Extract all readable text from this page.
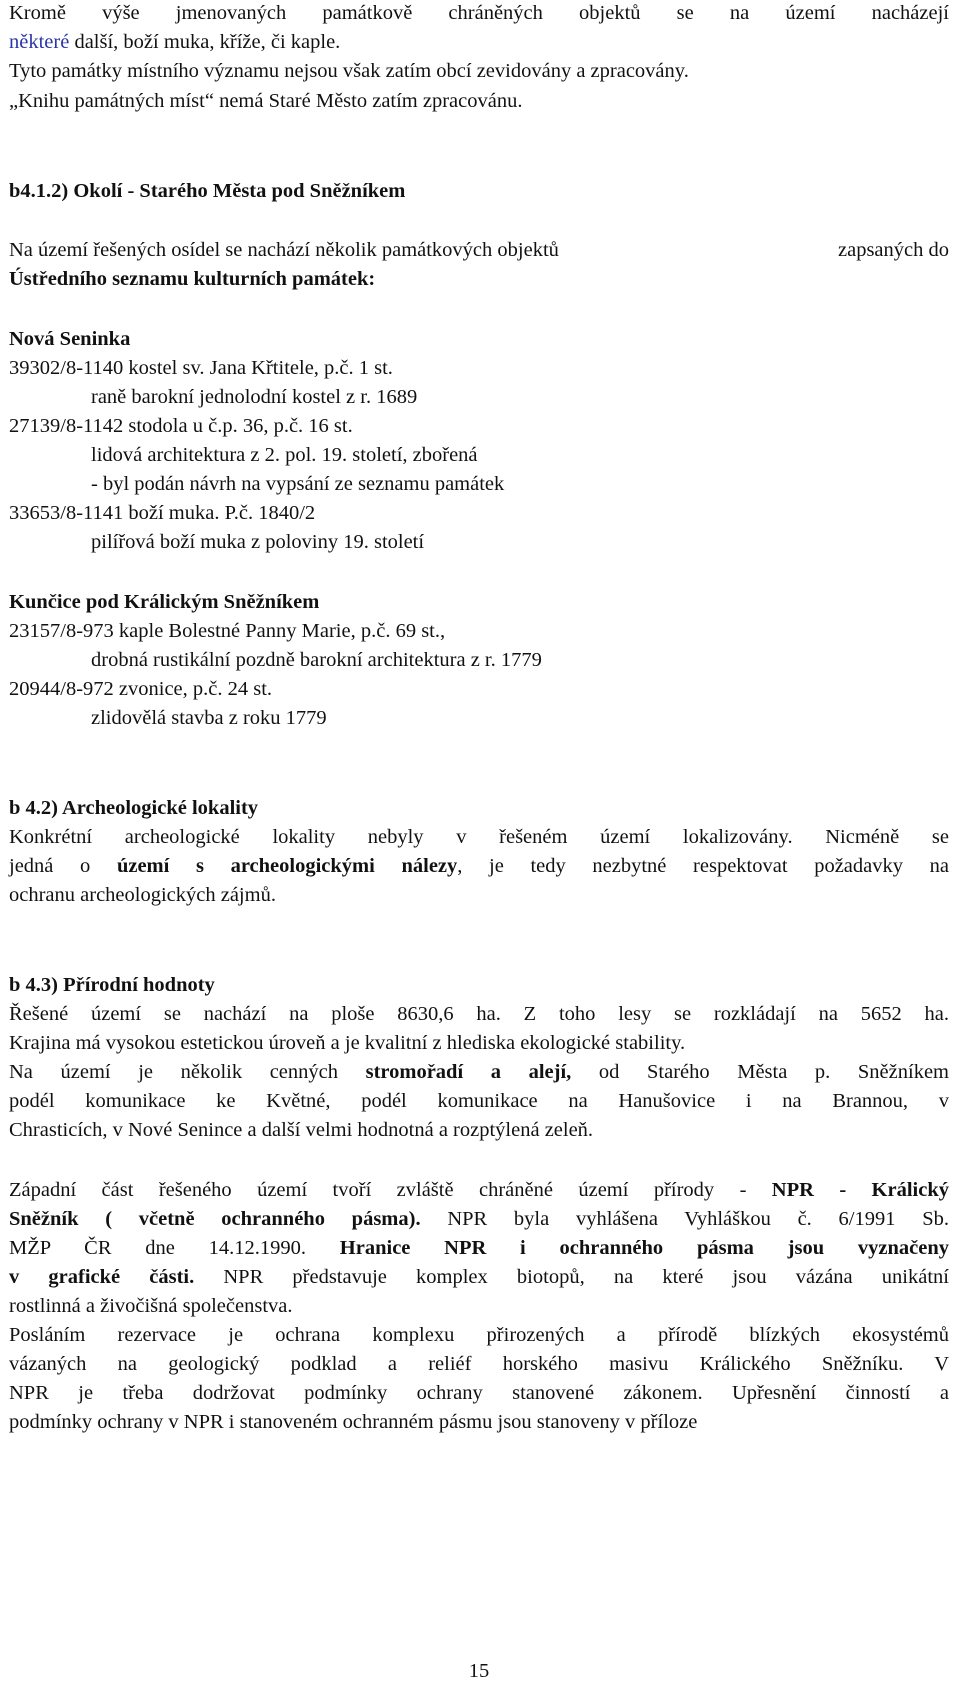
Kromě výše jmenovaných památkově chráněných objektů se na území nacházejí
některé další, boží muka, kříže, či kaple.
Tyto památky místního významu nejsou však zatím obcí zevidovány a zpracovány.
„Knihu památných míst“ nemá Staré Město zatím zpracovánu.
b4.1.2) Okolí - Starého Města pod Sněžníkem
Na území řešených osídel se nachází několik památkových objektů	zapsaných do
Ústředního seznamu kulturních památek:
Nová Seninka
39302/8-1140 kostel sv. Jana Křtitele, p.č. 1 st.
raně barokní jednolodní kostel z r. 1689
27139/8-1142 stodola u č.p. 36, p.č. 16 st.
lidová architektura z 2. pol. 19. století, zbořená
- byl podán návrh na vypsání ze seznamu památek
33653/8-1141 boží muka. P.č. 1840/2
pilířová boží muka z poloviny 19. století
Kunčice pod Králickým Sněžníkem
23157/8-973 kaple Bolestné Panny Marie, p.č. 69 st.,
drobná rustikální pozdně barokní architektura z r. 1779
20944/8-972 zvonice, p.č. 24 st.
zlidovělá stavba z roku 1779
b 4.2) Archeologické lokality
Konkrétní archeologické lokality nebyly v řešeném území lokalizovány. Nicméně se
jedná o území s archeologickými nálezy, je tedy nezbytné respektovat požadavky na
ochranu archeologických zájmů.
b 4.3) Přírodní hodnoty
Řešené území se nachází na ploše 8630,6 ha. Z toho lesy se rozkládají na 5652 ha.
Krajina má vysokou estetickou úroveň a je kvalitní z hlediska ekologické stability.
Na území je několik cenných stromořadí a alejí, od Starého Města p. Sněžníkem
podél komunikace ke Květné, podél komunikace na Hanušovice i na Brannou, v
Chrasticích, v Nové Senince a další velmi hodnotná a rozptýlená zeleň.
Západní část řešeného území tvoří zvláště chráněné území přírody - NPR - Králický
Sněžník ( včetně ochranného pásma). NPR byla vyhlášena Vyhláškou č. 6/1991 Sb.
MŽP ČR dne 14.12.1990. Hranice NPR i ochranného pásma jsou vyznačeny
v grafické části. NPR představuje komplex biotopů, na které jsou vázána unikátní
rostlinná a živočišná společenstva.
Posláním rezervace je ochrana komplexu přirozených a přírodě blízkých ekosystémů
vázaných na geologický podklad a reliéf horského masivu Králického Sněžníku. V
NPR je třeba dodržovat podmínky ochrany stanovené zákonem. Upřesnění činností a
podmínky ochrany v NPR i stanoveném ochranném pásmu jsou stanoveny v příloze
15
